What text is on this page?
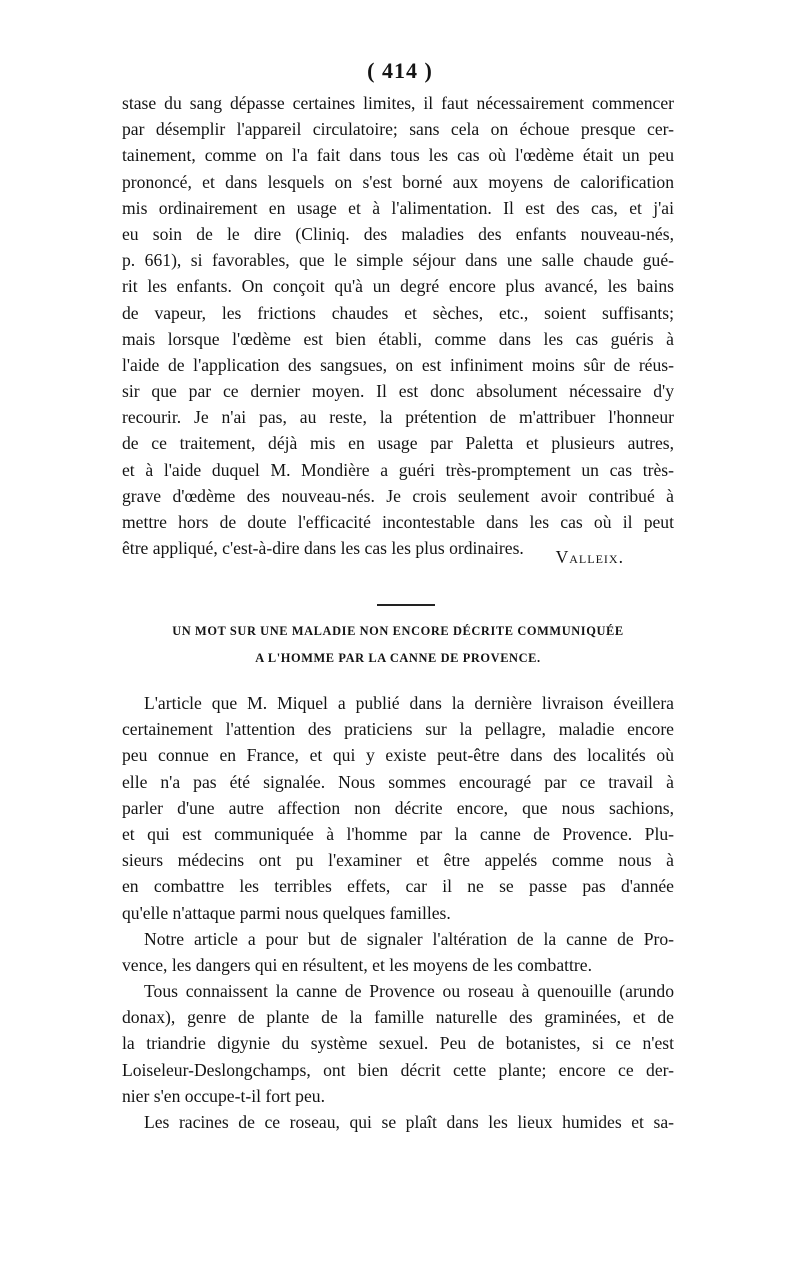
( 414 )
stase du sang dépasse certaines limites, il faut nécessairement commencer
par désemplir l'appareil circulatoire; sans cela on échoue presque cer-
tainement, comme on l'a fait dans tous les cas où l'œdème était un peu
prononcé, et dans lesquels on s'est borné aux moyens de calorification
mis ordinairement en usage et à l'alimentation. Il est des cas, et j'ai
eu soin de le dire (Cliniq. des maladies des enfants nouveau-nés,
p. 661), si favorables, que le simple séjour dans une salle chaude gué-
rit les enfants. On conçoit qu'à un degré encore plus avancé, les bains
de vapeur, les frictions chaudes et sèches, etc., soient suffisants;
mais lorsque l'œdème est bien établi, comme dans les cas guéris à
l'aide de l'application des sangsues, on est infiniment moins sûr de réus-
sir que par ce dernier moyen. Il est donc absolument nécessaire d'y
recourir. Je n'ai pas, au reste, la prétention de m'attribuer l'honneur
de ce traitement, déjà mis en usage par Paletta et plusieurs autres,
et à l'aide duquel M. Mondière a guéri très-promptement un cas très-
grave d'œdème des nouveau-nés. Je crois seulement avoir contribué à
mettre hors de doute l'efficacité incontestable dans les cas où il peut
être appliqué, c'est-à-dire dans les cas les plus ordinaires.	Valleix.
UN MOT SUR UNE MALADIE NON ENCORE DÉCRITE COMMUNIQUÉE
A L'HOMME PAR LA CANNE DE PROVENCE.
L'article que M. Miquel a publié dans la dernière livraison éveillera
certainement l'attention des praticiens sur la pellagre, maladie encore
peu connue en France, et qui y existe peut-être dans des localités où
elle n'a pas été signalée. Nous sommes encouragé par ce travail à
parler d'une autre affection non décrite encore, que nous sachions,
et qui est communiquée à l'homme par la canne de Provence. Plu-
sieurs médecins ont pu l'examiner et être appelés comme nous à
en combattre les terribles effets, car il ne se passe pas d'année
qu'elle n'attaque parmi nous quelques familles.
Notre article a pour but de signaler l'altération de la canne de Pro-
vence, les dangers qui en résultent, et les moyens de les combattre.
Tous connaissent la canne de Provence ou roseau à quenouille (arundo
donax), genre de plante de la famille naturelle des graminées, et de
la triandrie digynie du système sexuel. Peu de botanistes, si ce n'est
Loiseleur-Deslongchamps, ont bien décrit cette plante; encore ce der-
nier s'en occupe-t-il fort peu.
Les racines de ce roseau, qui se plaît dans les lieux humides et sa-
